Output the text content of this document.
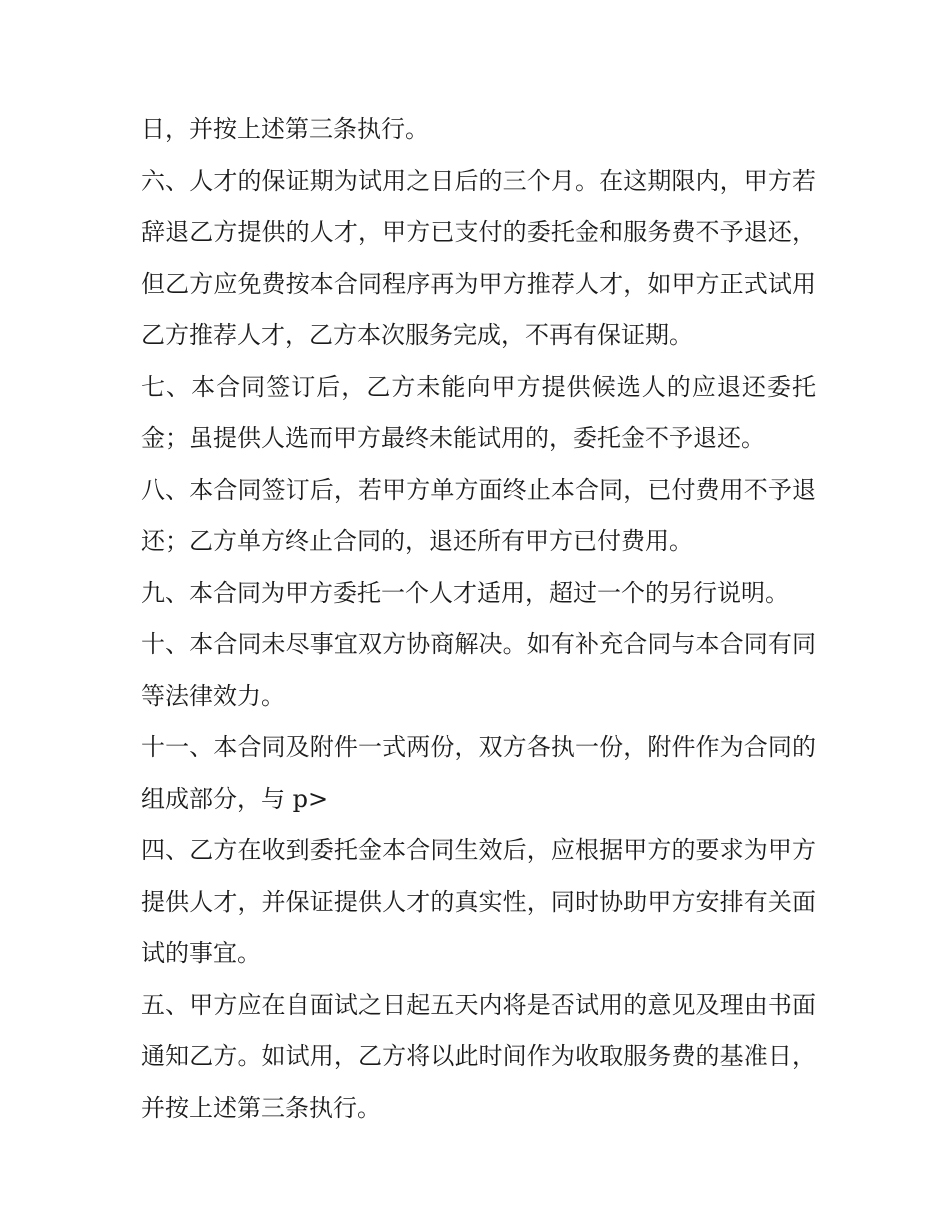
日，并按上述第三条执行。

六、人才的保证期为试用之日后的三个月。在这期限内，甲方若辞退乙方提供的人才，甲方已支付的委托金和服务费不予退还，但乙方应免费按本合同程序再为甲方推荐人才，如甲方正式试用乙方推荐人才，乙方本次服务完成，不再有保证期。

七、本合同签订后，乙方未能向甲方提供候选人的应退还委托金；虽提供人选而甲方最终未能试用的，委托金不予退还。

八、本合同签订后，若甲方单方面终止本合同，已付费用不予退还；乙方单方终止合同的，退还所有甲方已付费用。

九、本合同为甲方委托一个人才适用，超过一个的另行说明。

十、本合同未尽事宜双方协商解决。如有补充合同与本合同有同等法律效力。

十一、本合同及附件一式两份，双方各执一份，附件作为合同的组成部分，与 p>

四、乙方在收到委托金本合同生效后，应根据甲方的要求为甲方提供人才，并保证提供人才的真实性，同时协助甲方安排有关面试的事宜。

五、甲方应在自面试之日起五天内将是否试用的意见及理由书面通知乙方。如试用，乙方将以此时间作为收取服务费的基准日，并按上述第三条执行。
